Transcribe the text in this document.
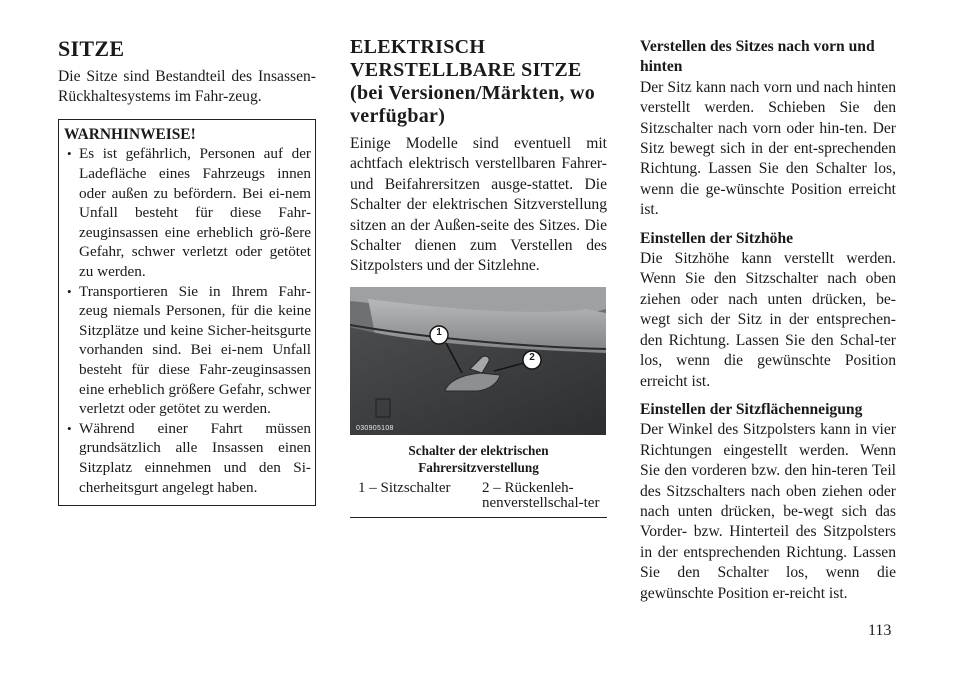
SITZE

Die Sitze sind Bestandteil des Insassen-Rückhaltesystems im Fahr-zeug.

WARNHINWEISE!
• Es ist gefährlich, Personen auf der Ladefläche eines Fahrzeugs innen oder außen zu befördern. Bei ei-nem Unfall besteht für diese Fahr-zeuginsassen eine erheblich grö-ßere Gefahr, schwer verletzt oder getötet zu werden.
• Transportieren Sie in Ihrem Fahr-zeug niemals Personen, für die keine Sitzplätze und keine Sicher-heitsgurte vorhanden sind. Bei ei-nem Unfall besteht für diese Fahr-zeuginsassen eine erheblich größere Gefahr, schwer verletzt oder getötet zu werden.
• Während einer Fahrt müssen grundsätzlich alle Insassen einen Sitzplatz einnehmen und den Si-cherheitsgurt angelegt haben.
ELEKTRISCH
VERSTELLBARE SITZE
(bei Versionen/Märkten, wo
verfügbar)

Einige Modelle sind eventuell mit achtfach elektrisch verstellbaren Fahrer- und Beifahrersitzen ausge-stattet. Die Schalter der elektrischen Sitzverstellung sitzen an der Außen-seite des Sitzes. Die Schalter dienen zum Verstellen des Sitzpolsters und der Sitzlehne.

1
2
030905108
Schalter der elektrischen
Fahrersitzverstellung
1 – Sitzschalter	2 – Rückenleh-nenverstellschal-ter
Verstellen des Sitzes nach vorn und hinten

Der Sitz kann nach vorn und nach hinten verstellt werden. Schieben Sie den Sitzschalter nach vorn oder hin-ten. Der Sitz bewegt sich in der ent-sprechenden Richtung. Lassen Sie den Schalter los, wenn die ge-wünschte Position erreicht ist.

Einstellen der Sitzhöhe

Die Sitzhöhe kann verstellt werden. Wenn Sie den Sitzschalter nach oben ziehen oder nach unten drücken, be-wegt sich der Sitz in der entsprechen-den Richtung. Lassen Sie den Schal-ter los, wenn die gewünschte Position erreicht ist.

Einstellen der Sitzflächenneigung

Der Winkel des Sitzpolsters kann in vier Richtungen eingestellt werden. Wenn Sie den vorderen bzw. den hin-teren Teil des Sitzschalters nach oben ziehen oder nach unten drücken, be-wegt sich das Vorder- bzw. Hinterteil des Sitzpolsters in der entsprechenden Richtung. Lassen Sie den Schalter los, wenn die gewünschte Position er-reicht ist.

113
